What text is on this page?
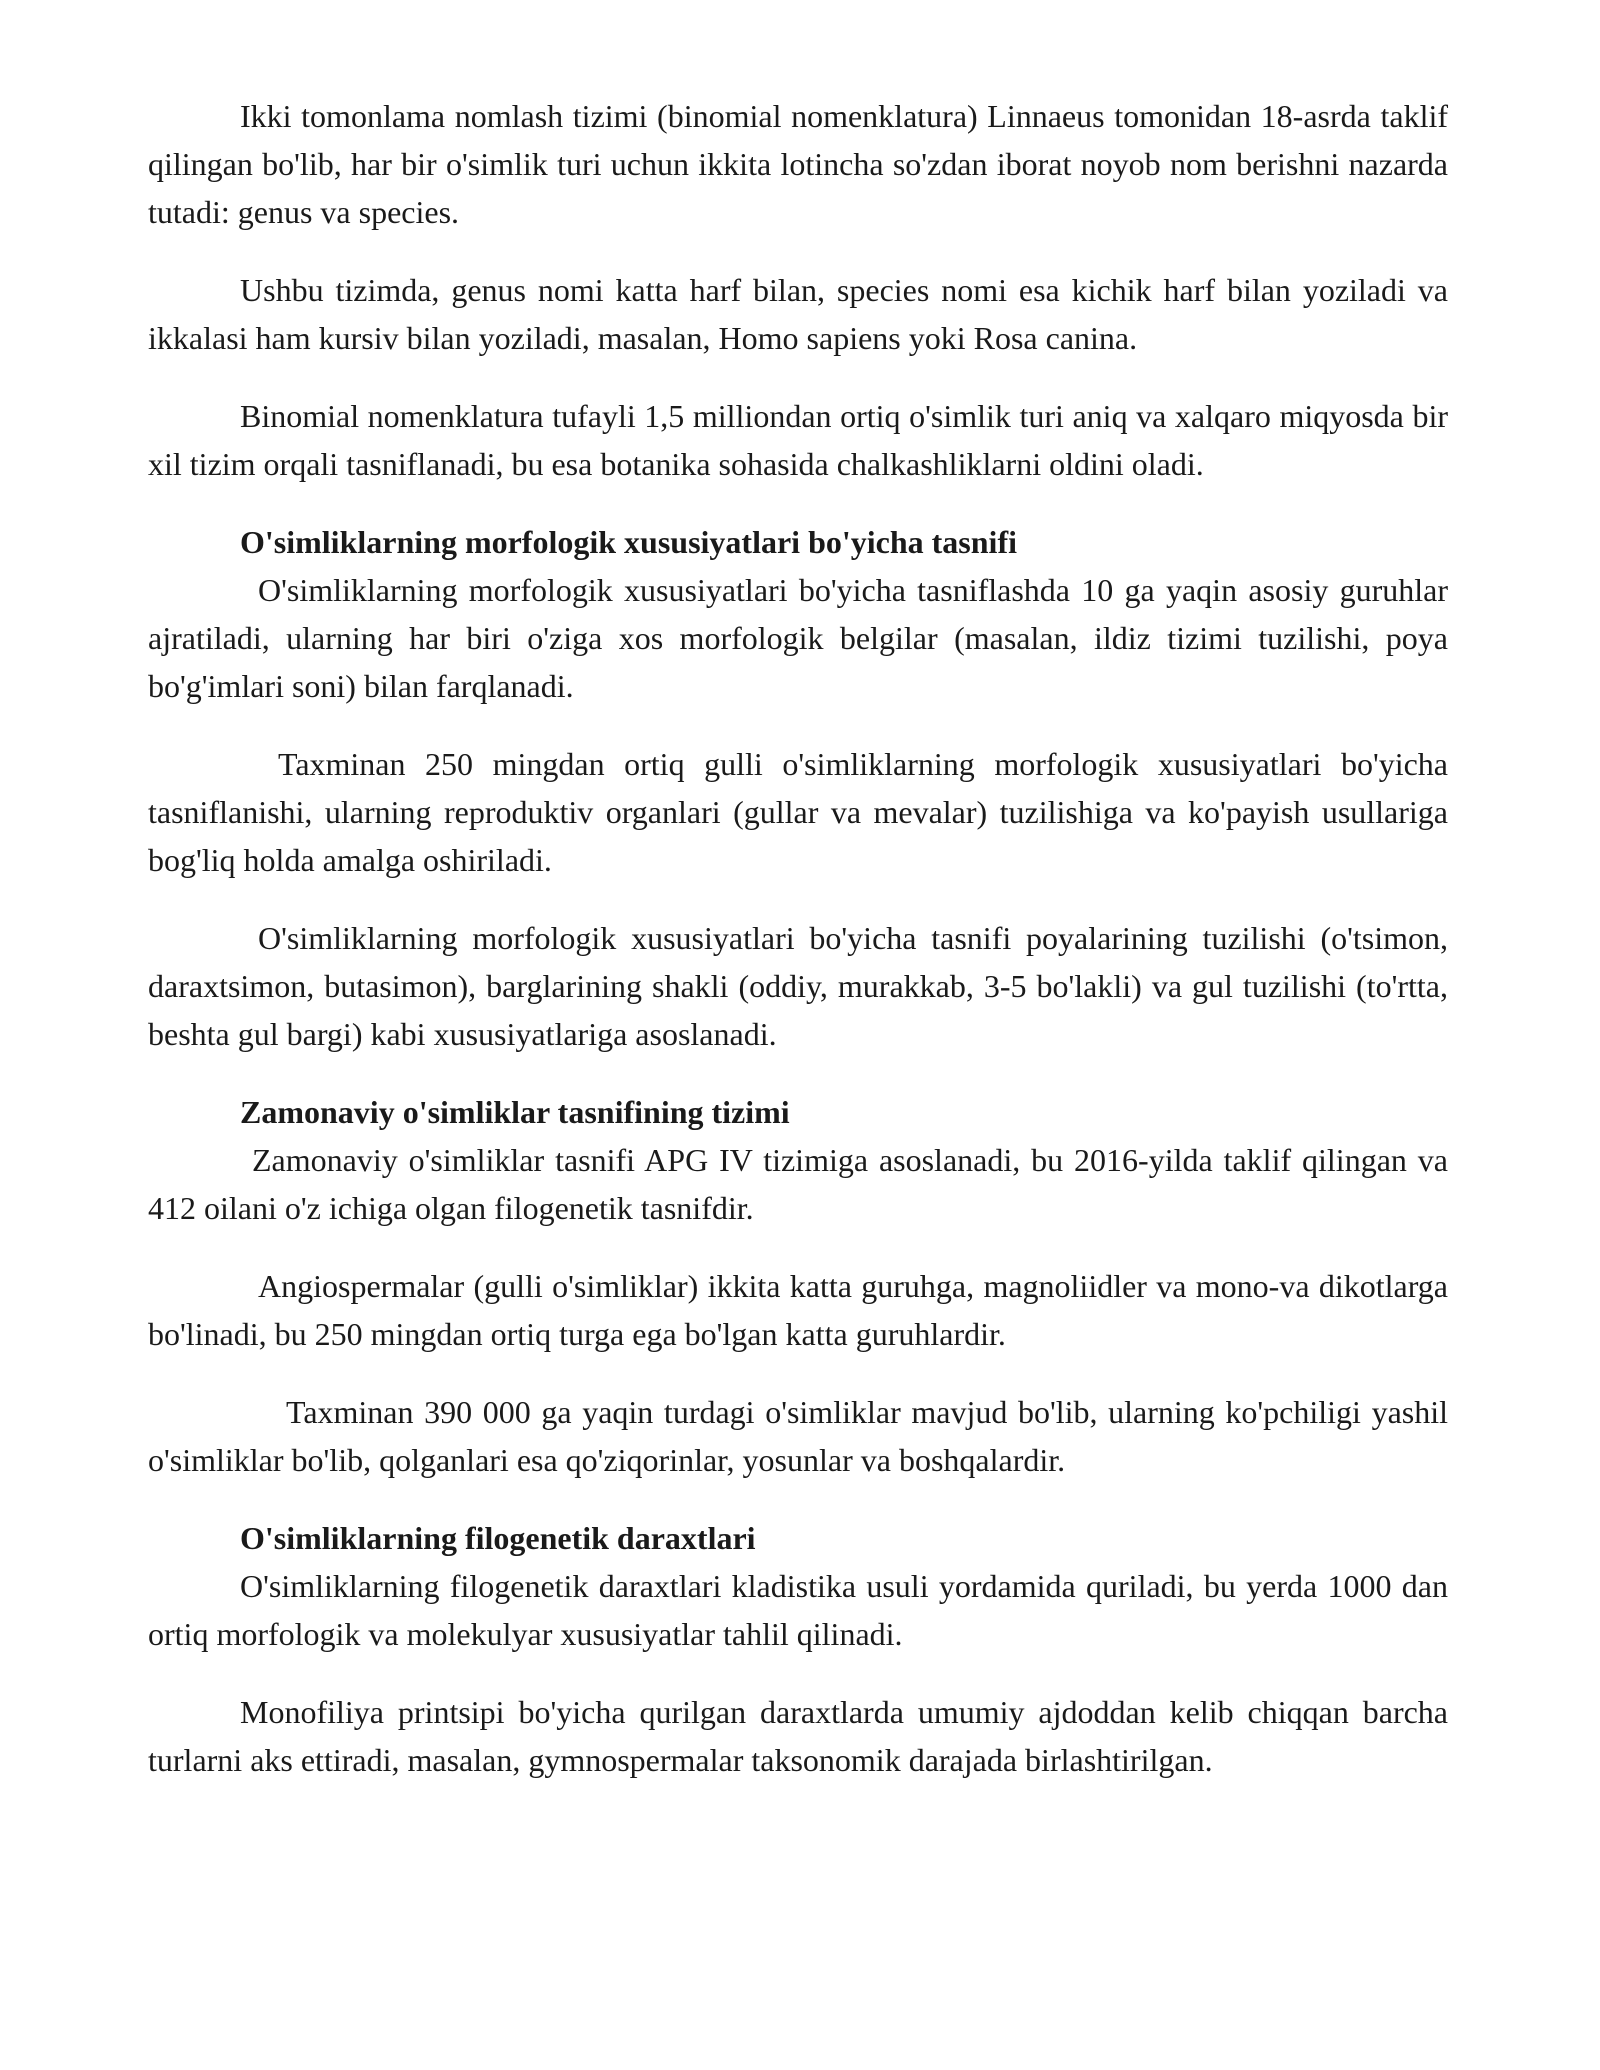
Ikki tomonlama nomlash tizimi (binomial nomenklatura) Linnaeus tomonidan 18-asrda taklif qilingan bo'lib, har bir o'simlik turi uchun ikkita lotincha so'zdan iborat noyob nom berishni nazarda tutadi: genus va species.

Ushbu tizimda, genus nomi katta harf bilan, species nomi esa kichik harf bilan yoziladi va ikkalasi ham kursiv bilan yoziladi, masalan, Homo sapiens yoki Rosa canina.

Binomial nomenklatura tufayli 1,5 milliondan ortiq o'simlik turi aniq va xalqaro miqyosda bir xil tizim orqali tasniflanadi, bu esa botanika sohasida chalkashliklarni oldini oladi.

O'simliklarning morfologik xususiyatlari bo'yicha tasnifi

O'simliklarning morfologik xususiyatlari bo'yicha tasniflashda 10 ga yaqin asosiy guruhlar ajratiladi, ularning har biri o'ziga xos morfologik belgilar (masalan, ildiz tizimi tuzilishi, poya bo'g'imlari soni) bilan farqlanadi.

Taxminan 250 mingdan ortiq gulli o'simliklarning morfologik xususiyatlari bo'yicha tasniflanishi, ularning reproduktiv organlari (gullar va mevalar) tuzilishiga va ko'payish usullariga bog'liq holda amalga oshiriladi.

O'simliklarning morfologik xususiyatlari bo'yicha tasnifi poyalarining tuzilishi (o'tsimon, daraxtsimon, butasimon), barglarining shakli (oddiy, murakkab, 3-5 bo'lakli) va gul tuzilishi (to'rtta, beshta gul bargi) kabi xususiyatlariga asoslanadi.

Zamonaviy o'simliklar tasnifining tizimi

Zamonaviy o'simliklar tasnifi APG IV tizimiga asoslanadi, bu 2016-yilda taklif qilingan va 412 oilani o'z ichiga olgan filogenetik tasnifdir.

Angiospermalar (gulli o'simliklar) ikkita katta guruhga, magnoliidler va mono-va dikotlarga bo'linadi, bu 250 mingdan ortiq turga ega bo'lgan katta guruhlardir.

Taxminan 390 000 ga yaqin turdagi o'simliklar mavjud bo'lib, ularning ko'pchiligi yashil o'simliklar bo'lib, qolganlari esa qo'ziqorinlar, yosunlar va boshqalardir.

O'simliklarning filogenetik daraxtlari

O'simliklarning filogenetik daraxtlari kladistika usuli yordamida quriladi, bu yerda 1000 dan ortiq morfologik va molekulyar xususiyatlar tahlil qilinadi.

Monofiliya printsipi bo'yicha qurilgan daraxtlarda umumiy ajdoddan kelib chiqqan barcha turlarni aks ettiradi, masalan, gymnospermalar taksonomik darajada birlashtirilgan.
